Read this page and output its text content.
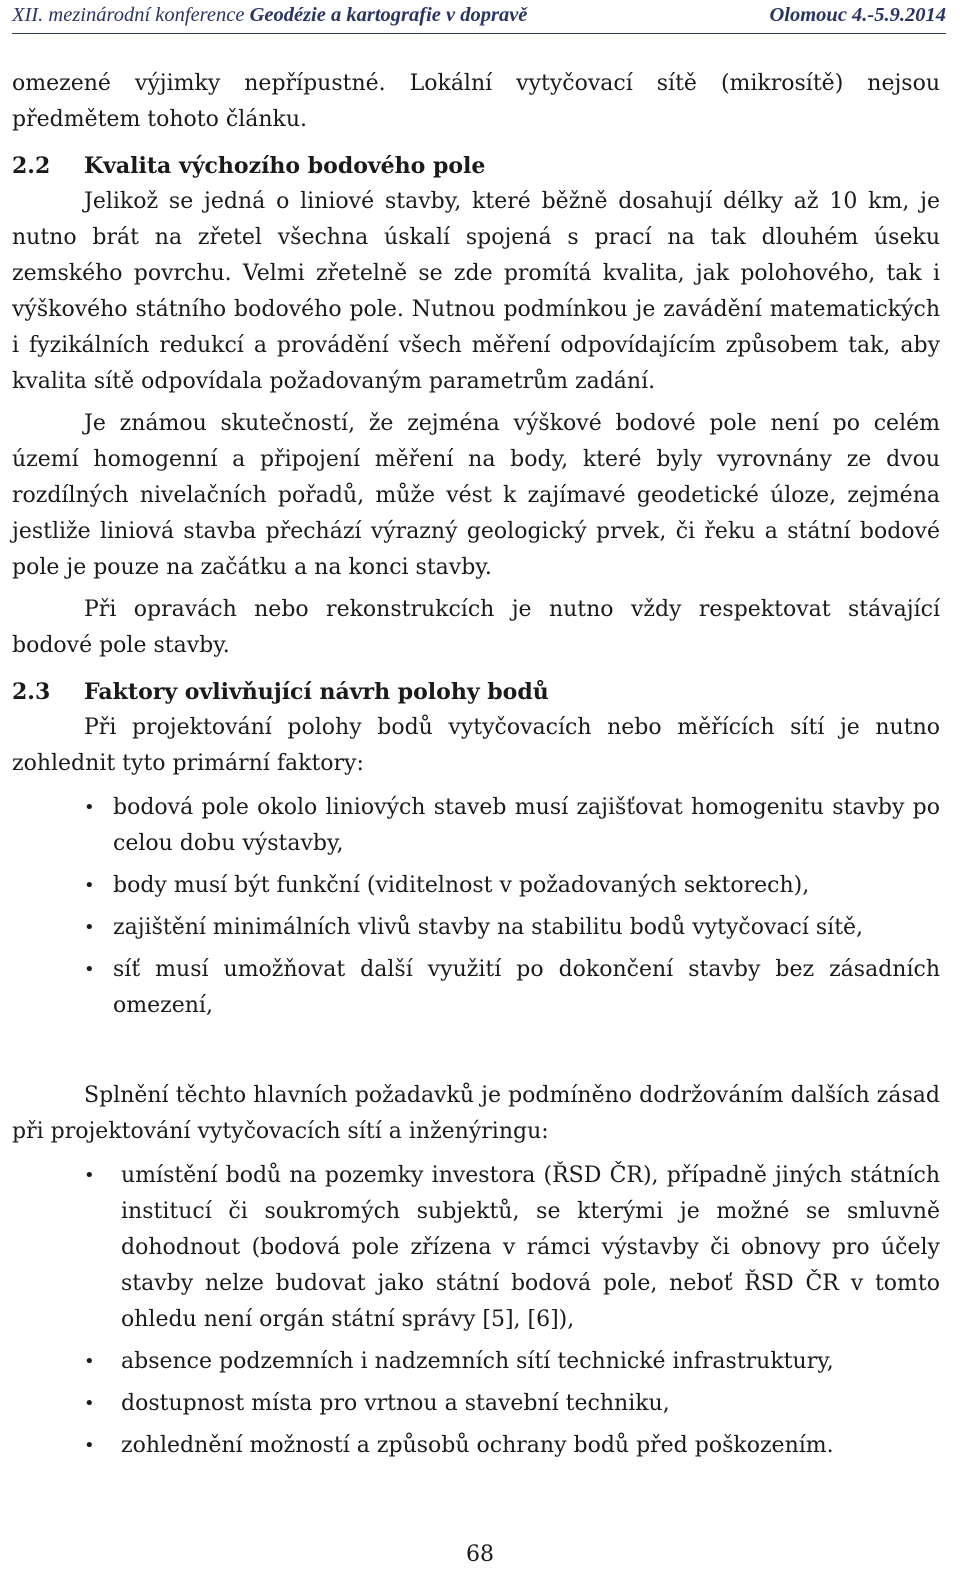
XII. mezinárodní konference Geodézie a kartografie v dopravě	Olomouc 4.-5.9.2014

omezené výjimky nepřípustné. Lokální vytyčovací sítě (mikrosítě) nejsou předmětem tohoto článku.

2.2 Kvalita výchozího bodového pole

Jelikož se jedná o liniové stavby, které běžně dosahují délky až 10 km, je nutno brát na zřetel všechna úskalí spojená s prací na tak dlouhém úseku zemského povrchu. Velmi zřetelně se zde promítá kvalita, jak polohového, tak i výškového státního bodového pole. Nutnou podmínkou je zavádění matematických i fyzikálních redukcí a provádění všech měření odpovídajícím způsobem tak, aby kvalita sítě odpovídala požadovaným parametrům zadání.

Je známou skutečností, že zejména výškové bodové pole není po celém území homogenní a připojení měření na body, které byly vyrovnány ze dvou rozdílných nivelačních pořadů, může vést k zajímavé geodetické úloze, zejména jestliže liniová stavba přechází výrazný geologický prvek, či řeku a státní bodové pole je pouze na začátku a na konci stavby.

Při opravách nebo rekonstrukcích je nutno vždy respektovat stávající bodové pole stavby.

2.3 Faktory ovlivňující návrh polohy bodů

Při projektování polohy bodů vytyčovacích nebo měřících sítí je nutno zohlednit tyto primární faktory:

• bodová pole okolo liniových staveb musí zajišťovat homogenitu stavby po celou dobu výstavby,
• body musí být funkční (viditelnost v požadovaných sektorech),
• zajištění minimálních vlivů stavby na stabilitu bodů vytyčovací sítě,
• síť musí umožňovat další využití po dokončení stavby bez zásadních omezení,

Splnění těchto hlavních požadavků je podmíněno dodržováním dalších zásad při projektování vytyčovacích sítí a inženýringu:

• umístění bodů na pozemky investora (ŘSD ČR), případně jiných státních institucí či soukromých subjektů, se kterými je možné se smluvně dohodnout (bodová pole zřízena v rámci výstavby či obnovy pro účely stavby nelze budovat jako státní bodová pole, neboť ŘSD ČR v tomto ohledu není orgán státní správy [5], [6]),
• absence podzemních i nadzemních sítí technické infrastruktury,
• dostupnost místa pro vrtnou a stavební techniku,
• zohlednění možností a způsobů ochrany bodů před poškozením.
68
